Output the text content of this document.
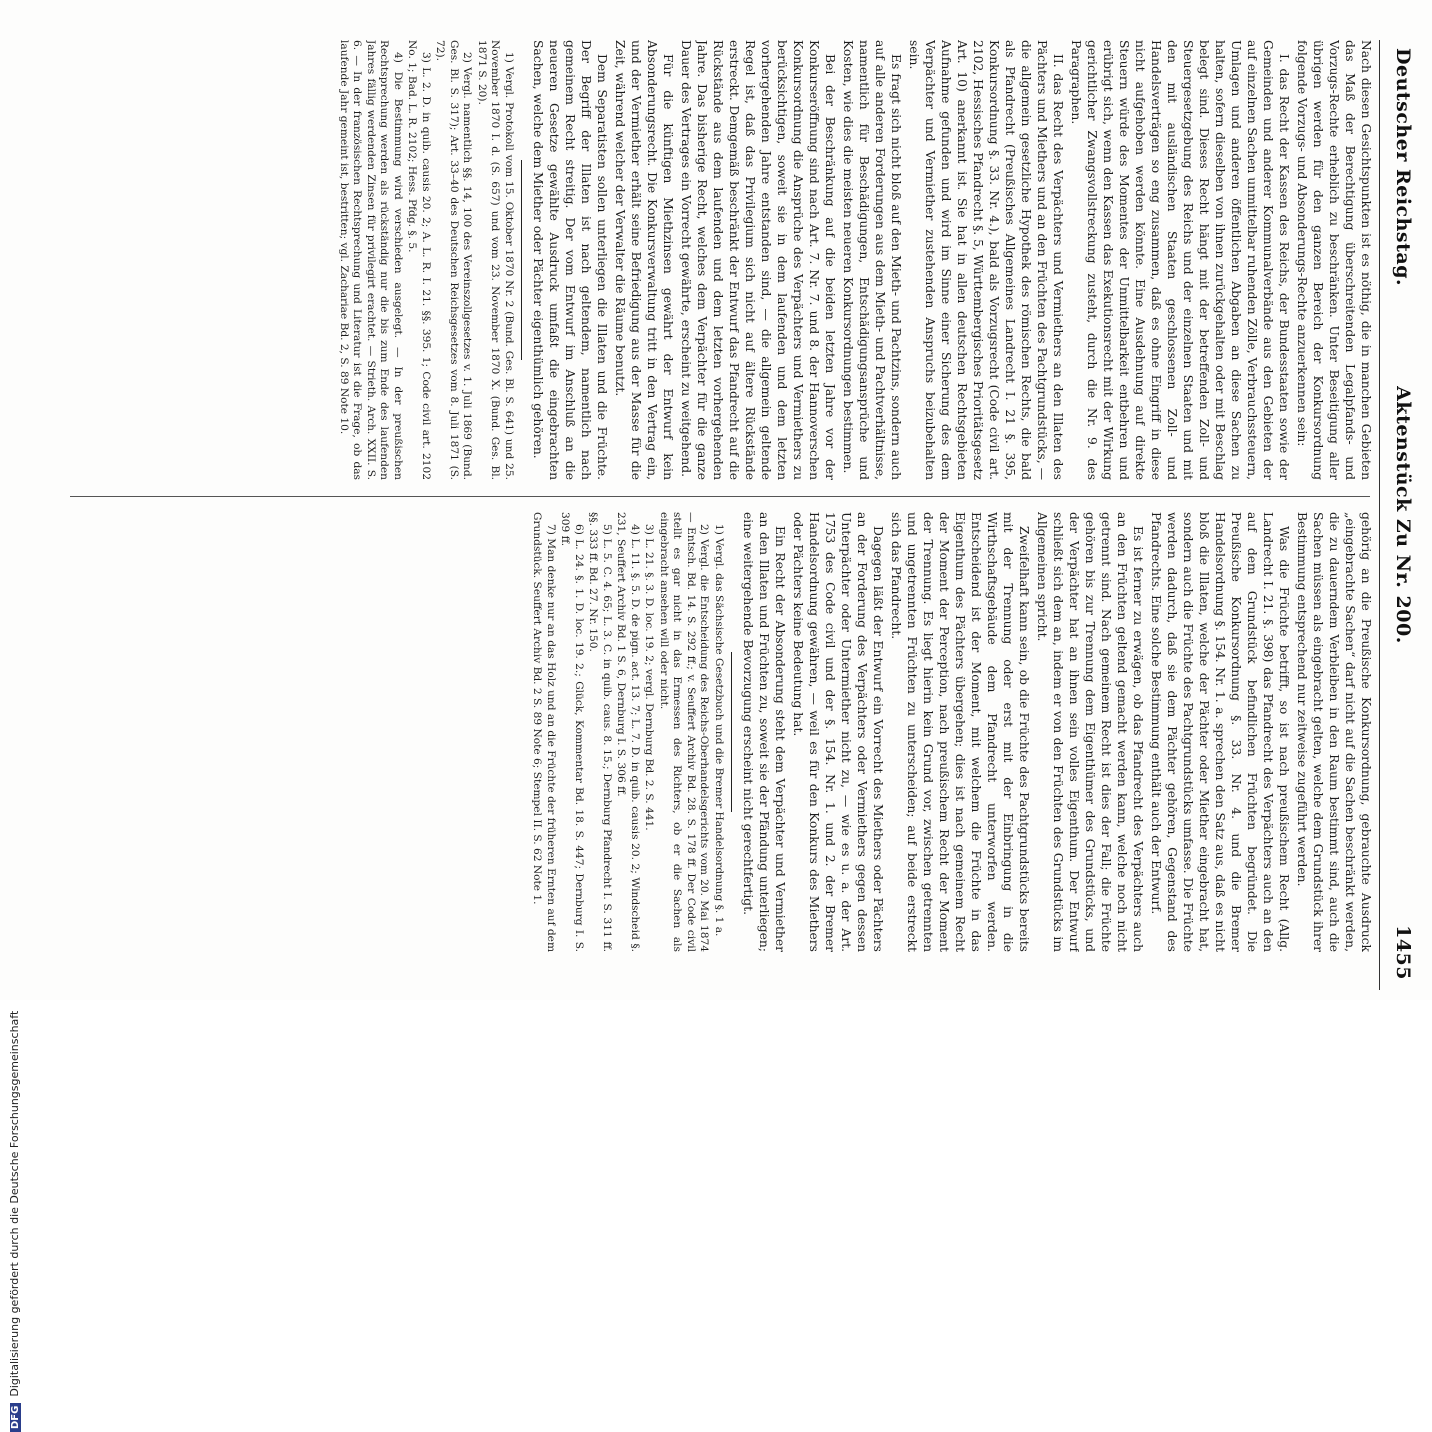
Deutscher Reichstag.
Aktenstück Zu Nr. 200.
1455

Nach diesen Gesichtspunkten ist es nöthig, die in manchen Gebieten das Maß der Berechtigung überschreitenden Legalpfands- und Vorzugs-Rechte erheblich zu beschränken. Unter Beseitigung aller übrigen werden für den ganzen Bereich der Konkursordnung folgende Vorzugs- und Absonderungs-Rechte anzuerkennen sein:

I. das Recht der Kassen des Reichs, der Bundesstaaten sowie der Gemeinden und anderer Kommunalverbände aus den Gebieten der auf einzelnen Sachen unmittelbar ruhenden Zölle, Verbrauchssteuern, Umlagen und anderen öffentlichen Abgaben an diese Sachen zu halten, sofern dieselben von ihnen zurückgehalten oder mit Beschlag belegt sind. Dieses Recht hängt mit der betreffenden Zoll- und Steuergesetzgebung des Reichs und der einzelnen Staaten und mit den mit ausländischen Staaten geschlossenen Zoll- und Handelsverträgen so eng zusammen, daß es ohne Eingriff in diese nicht aufgehoben werden könnte. Eine Ausdehnung auf direkte Steuern würde des Momentes der Unmittelbarkeit entbehren und erübrigt sich, wenn den Kassen das Exekutionsrecht mit der Wirkung gerichtlicher Zwangsvollstreckung zusteht, durch die Nr. 9. des Paragraphen.

II. das Recht des Verpächters und Vermiethers an den Illaten des Pächters und Miethers und an den Früchten des Pachtgrundstücks, — die allgemein gesetzliche Hypothek des römischen Rechts, die bald als Pfandrecht (Preußisches Allgemeines Landrecht I. 21 §. 395, Konkursordnung §. 33. Nr. 4.), bald als Vorzugsrecht (Code civil art. 2102, Hessisches Pfandrecht §. 5, Württembergisches Prioritätsgesetz Art. 10) anerkannt ist. Sie hat in allen deutschen Rechtsgebieten Aufnahme gefunden und wird im Sinne einer Sicherung des dem Verpächter und Vermiether zustehenden Anspruchs beizubehalten sein.

Es fragt sich nicht bloß auf den Mieth- und Pachtzins, sondern auch auf alle anderen Forderungen aus dem Mieth- und Pachtverhältnisse, namentlich für Beschädigungen, Entschädigungsansprüche und Kosten, wie dies die meisten neueren Konkursordnungen bestimmen.

Bei der Beschränkung auf die beiden letzten Jahre vor der Konkurseröffnung sind nach Art. 7. Nr. 7. und 8. der Hannoverschen Konkursordnung die Ansprüche des Verpächters und Vermiethers zu berücksichtigen, soweit sie in dem laufenden und dem letzten vorhergehenden Jahre entstanden sind, — die allgemein geltende Regel ist, daß das Privilegium sich nicht auf ältere Rückstände erstreckt. Demgemäß beschränkt der Entwurf das Pfandrecht auf die Rückstände aus dem laufenden und dem letzten vorhergehenden Jahre. Das bisherige Recht, welches dem Verpächter für die ganze Dauer des Vertrages ein Vorrecht gewährte, erscheint zu weitgehend.

Für die künftigen Miethzinsen gewährt der Entwurf kein Absonderungsrecht. Die Konkursverwaltung tritt in den Vertrag ein, und der Vermiether erhält seine Befriedigung aus der Masse für die Zeit, während welcher der Verwalter die Räume benutzt.

Dem Separatisten sollen unterliegen die Illaten und die Früchte. Der Begriff der Illaten ist nach geltendem, namentlich nach gemeinem Recht streitig. Der vom Entwurf im Anschluß an die neueren Gesetze gewählte Ausdruck umfaßt die eingebrachten Sachen, welche dem Miether oder Pächter eigenthümlich gehören.

1) Vergl. Protokoll vom 15. Oktober 1870 Nr. 2 (Bund. Ges. Bl. S. 641) und 25. November 1870 I. d. (S. 657) und vom 23. November 1870 X. (Bund. Ges. Bl. 1871 S. 20).

2) Vergl. namentlich §§. 14, 100 des Vereinszollgesetzes v. 1. Juli 1869 (Bund. Ges. Bl. S. 317); Art. 33–40 des Deutschen Reichsgesetzes vom 8. Juli 1871 (S. 72).

3) L. 2. D. in quib. causis 20. 2; A. L. R. I. 21. §§. 395. 1; Code civil art. 2102 No. 1; Bad. L. R. 2102; Hess. Pfdg. §. 5.

4) Die Bestimmung wird verschieden ausgelegt. — In der preußischen Rechtsprechung werden als rückständig nur die bis zum Ende des laufenden Jahres fällig werdenden Zinsen für privilegirt erachtet. — Strieth. Arch. XXII. S. 6. — In der französischen Rechtsprechung und Literatur ist die Frage, ob das laufende Jahr gemeint ist, bestritten; vgl. Zachariae Bd. 2, S. 89 Note 10.

gehörig an die Preußische Konkursordnung, gebrauchte Ausdruck „eingebrachte Sachen“ darf nicht auf die Sachen beschränkt werden, die zu dauerndem Verbleiben in den Raum bestimmt sind, auch die Sachen müssen als eingebracht gelten, welche dem Grundstück ihrer Bestimmung entsprechend nur zeitweise zugeführt werden.

Was die Früchte betrifft, so ist nach preußischem Recht (Allg. Landrecht I. 21. §. 398) das Pfandrecht des Verpächters auch an den auf dem Grundstück befindlichen Früchten begründet. Die Preußische Konkursordnung §. 33. Nr. 4. und die Bremer Handelsordnung §. 154. Nr. 1. a. sprechen den Satz aus, daß es nicht bloß die Illaten, welche der Pächter oder Miether eingebracht hat, sondern auch die Früchte des Pachtgrundstücks umfasse. Die Früchte werden dadurch, daß sie dem Pächter gehören, Gegenstand des Pfandrechts. Eine solche Bestimmung enthält auch der Entwurf.

Es ist ferner zu erwägen, ob das Pfandrecht des Verpächters auch an den Früchten geltend gemacht werden kann, welche noch nicht getrennt sind. Nach gemeinem Recht ist dies der Fall; die Früchte gehören bis zur Trennung dem Eigenthümer des Grundstücks, und der Verpächter hat an ihnen sein volles Eigenthum. Der Entwurf schließt sich dem an, indem er von den Früchten des Grundstücks im Allgemeinen spricht.

Zweifelhaft kann sein, ob die Früchte des Pachtgrundstücks bereits mit der Trennung oder erst mit der Einbringung in die Wirthschaftsgebäude dem Pfandrecht unterworfen werden. Entscheidend ist der Moment, mit welchem die Früchte in das Eigenthum des Pächters übergehen; dies ist nach gemeinem Recht der Moment der Perception, nach preußischem Recht der Moment der Trennung. Es liegt hierin kein Grund vor, zwischen getrennten und ungetrennten Früchten zu unterscheiden; auf beide erstreckt sich das Pfandrecht.

Dagegen läßt der Entwurf ein Vorrecht des Miethers oder Pächters an der Forderung des Verpächters oder Vermiethers gegen dessen Unterpächter oder Untermiether nicht zu, — wie es u. a. der Art. 1753 des Code civil und der §. 154. Nr. 1. und 2. der Bremer Handelsordnung gewähren, — weil es für den Konkurs des Miethers oder Pächters keine Bedeutung hat.

Ein Recht der Absonderung steht dem Verpächter und Vermiether an den Illaten und Früchten zu, soweit sie der Pfändung unterliegen; eine weitergehende Bevorzugung erscheint nicht gerechtfertigt.

1) Vergl. das Sächsische Gesetzbuch und die Bremer Handelsordnung §. 1 a.

2) Vergl. die Entscheidung des Reichs-Oberhandelsgerichts vom 20. Mai 1874 — Entsch. Bd. 14. S. 292 ff.; v. Seuffert Archiv Bd. 28. S. 178 ff. Der Code civil stellt es gar nicht in das Ermessen des Richters, ob er die Sachen als eingebracht ansehen will oder nicht.

3) L. 21. §. 3. D. loc. 19. 2; vergl. Dernburg Bd. 2. S. 441.

4) L. 11. §. 5. D. de pign. act. 13. 7; L. 7. D. in quib. causis 20. 2; Windscheid §. 231, Seuffert Archiv Bd. 1 S. 6, Dernburg I. S. 306 ff.

5) L. 5. C. 4. 65; L. 3. C. in quib. caus. 8. 15.; Dernburg Pfandrecht I. S. 311 ff. §§. 333 ff. Bd. 27. Nr. 150.

6) L. 24. §. 1. D. loc. 19. 2.; Glück, Kommentar Bd. 18. S. 447; Dernburg I. S. 309 ff.

7) Man denke nur an das Holz und an die Früchte der früheren Ernten auf dem Grundstück. Seuffert Archiv Bd. 2 S. 89 Note 6; Stempel II. S. 62 Note 1.

DFGDigitalisierung gefördert durch die Deutsche Forschungsgemeinschaft
